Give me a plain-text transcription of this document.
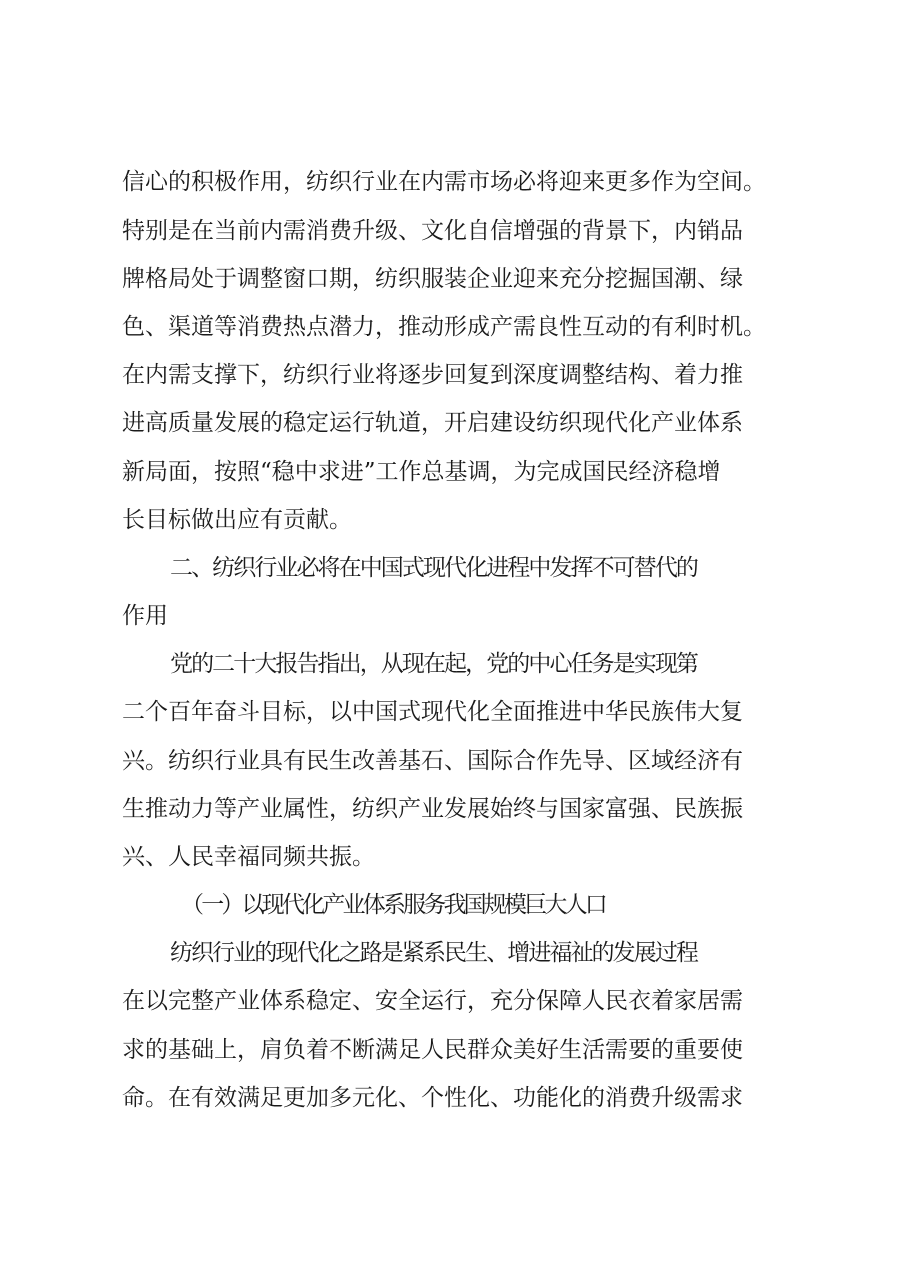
信心的积极作用，纺织行业在内需市场必将迎来更多作为空间。
特别是在当前内需消费升级、文化自信增强的背景下，内销品
牌格局处于调整窗口期，纺织服装企业迎来充分挖掘国潮、绿
色、渠道等消费热点潜力，推动形成产需良性互动的有利时机。
在内需支撑下，纺织行业将逐步回复到深度调整结构、着力推
进高质量发展的稳定运行轨道，开启建设纺织现代化产业体系
新局面，按照“稳中求进”工作总基调，为完成国民经济稳增
长目标做出应有贡献。
二、纺织行业必将在中国式现代化进程中发挥不可替代的
作用
党的二十大报告指出，从现在起，党的中心任务是实现第
二个百年奋斗目标，以中国式现代化全面推进中华民族伟大复
兴。纺织行业具有民生改善基石、国际合作先导、区域经济有
生推动力等产业属性，纺织产业发展始终与国家富强、民族振
兴、人民幸福同频共振。
（一）以现代化产业体系服务我国规模巨大人口
纺织行业的现代化之路是紧系民生、增进福祉的发展过程
在以完整产业体系稳定、安全运行，充分保障人民衣着家居需
求的基础上，肩负着不断满足人民群众美好生活需要的重要使
命。在有效满足更加多元化、个性化、功能化的消费升级需求
